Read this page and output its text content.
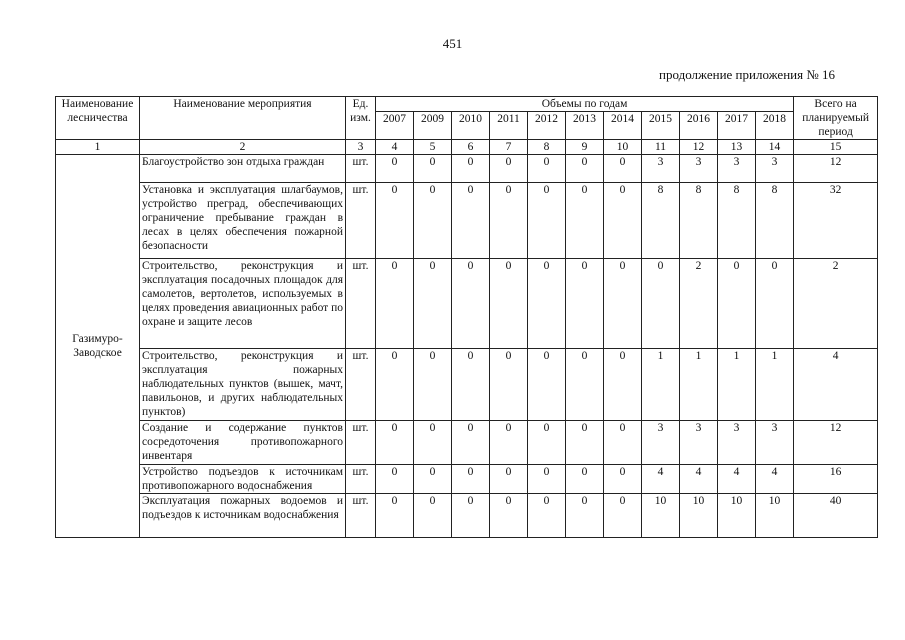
451
продолжение приложения № 16
Наименование лесничества	Наименование мероприятия	Ед. изм.	Объемы по годам											Всего на планируемый период
			2007	2009	2010	2011	2012	2013	2014	2015	2016	2017	2018	
1	2	3	4	5	6	7	8	9	10	11	12	13	14	15
Газимуро-Заводское	Благоустройство зон отдыха граждан	шт.	0	0	0	0	0	0	0	3	3	3	3	12
	Установка и эксплуатация шлагбаумов, устройство преград, обеспечивающих ограничение пребывание граждан в лесах в целях обеспечения пожарной безопасности	шт.	0	0	0	0	0	0	0	8	8	8	8	32
	Строительство, реконструкция и эксплуатация посадочных площадок для самолетов, вертолетов, используемых в целях проведения авиационных работ по охране и защите лесов	шт.	0	0	0	0	0	0	0	0	2	0	0	2
	Строительство, реконструкция и эксплуатация пожарных наблюдательных пунктов (вышек, мачт, павильонов, и других наблюдательных пунктов)	шт.	0	0	0	0	0	0	0	1	1	1	1	4
	Создание и содержание пунктов сосредоточения противопожарного инвентаря	шт.	0	0	0	0	0	0	0	3	3	3	3	12
	Устройство подъездов к источникам противопожарного водоснабжения	шт.	0	0	0	0	0	0	0	4	4	4	4	16
	Эксплуатация пожарных водоемов и подъездов к источникам водоснабжения	шт.	0	0	0	0	0	0	0	10	10	10	10	40
